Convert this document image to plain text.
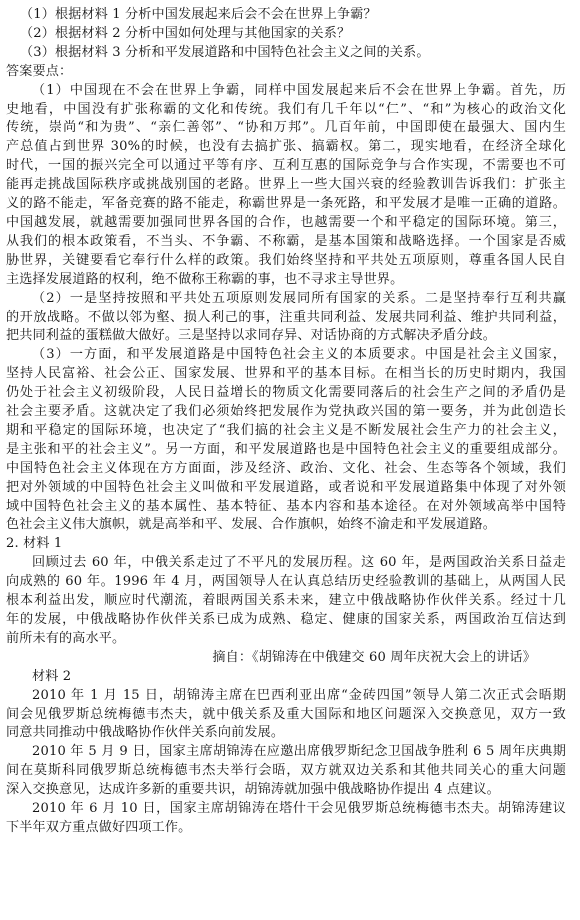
（1）根据材料 1 分析中国发展起来后会不会在世界上争霸？
（2）根据材料 2 分析中国如何处理与其他国家的关系？
（3）根据材料 3 分析和平发展道路和中国特色社会主义之间的关系。
答案要点：
（1）中国现在不会在世界上争霸，同样中国发展起来后不会在世界上争霸。首先，历
史地看，中国没有扩张称霸的文化和传统。我们有几千年以“仁”、“和”为核心的政治文化
传统，崇尚“和为贵”、“亲仁善邻”、“协和万邦”。几百年前，中国即使在最强大、国内生
产总值占到世界 30%的时候，也没有去搞扩张、搞霸权。第二，现实地看，在经济全球化
时代，一国的振兴完全可以通过平等有序、互利互惠的国际竞争与合作实现，不需要也不可
能再走挑战国际秩序或挑战别国的老路。世界上一些大国兴衰的经验教训告诉我们：扩张主
义的路不能走，军备竞赛的路不能走，称霸世界是一条死路，和平发展才是唯一正确的道路。
中国越发展，就越需要加强同世界各国的合作，也越需要一个和平稳定的国际环境。第三，
从我们的根本政策看，不当头、不争霸、不称霸，是基本国策和战略选择。一个国家是否威
胁世界，关键要看它奉行什么样的政策。我们始终坚持和平共处五项原则，尊重各国人民自
主选择发展道路的权利，绝不做称王称霸的事，也不寻求主导世界。
（2）一是坚持按照和平共处五项原则发展同所有国家的关系。二是坚持奉行互利共赢
的开放战略。不做以邻为壑、损人利己的事，注重共同利益、发展共同利益、维护共同利益，
把共同利益的蛋糕做大做好。三是坚持以求同存异、对话协商的方式解决矛盾分歧。
（3）一方面，和平发展道路是中国特色社会主义的本质要求。中国是社会主义国家，
坚持人民富裕、社会公正、国家发展、世界和平的基本目标。在相当长的历史时期内，我国
仍处于社会主义初级阶段，人民日益增长的物质文化需要同落后的社会生产之间的矛盾仍是
社会主要矛盾。这就决定了我们必须始终把发展作为党执政兴国的第一要务，并为此创造长
期和平稳定的国际环境，也决定了“我们搞的社会主义是不断发展社会生产力的社会主义，
是主张和平的社会主义”。另一方面，和平发展道路也是中国特色社会主义的重要组成部分。
中国特色社会主义体现在方方面面，涉及经济、政治、文化、社会、生态等各个领域，我们
把对外领域的中国特色社会主义叫做和平发展道路，或者说和平发展道路集中体现了对外领
域中国特色社会主义的基本属性、基本特征、基本内容和基本途径。在对外领域高举中国特
色社会主义伟大旗帜，就是高举和平、发展、合作旗帜，始终不渝走和平发展道路。
2. 材料 1
回顾过去 60 年，中俄关系走过了不平凡的发展历程。这 60 年，是两国政治关系日益走
向成熟的 60 年。1996 年 4 月，两国领导人在认真总结历史经验教训的基础上，从两国人民
根本利益出发，顺应时代潮流，着眼两国关系未来，建立中俄战略协作伙伴关系。经过十几
年的发展，中俄战略协作伙伴关系已成为成熟、稳定、健康的国家关系，两国政治互信达到
前所未有的高水平。
摘自：《胡锦涛在中俄建交 60 周年庆祝大会上的讲话》
材料 2
2010 年 1 月 15 日，胡锦涛主席在巴西利亚出席“金砖四国”领导人第二次正式会晤期
间会见俄罗斯总统梅德韦杰夫，就中俄关系及重大国际和地区问题深入交换意见，双方一致
同意共同推动中俄战略协作伙伴关系向前发展。
2010 年 5 月 9 日，国家主席胡锦涛在应邀出席俄罗斯纪念卫国战争胜利 6 5 周年庆典期
间在莫斯科同俄罗斯总统梅德韦杰夫举行会晤，双方就双边关系和其他共同关心的重大问题
深入交换意见，达成许多新的重要共识，胡锦涛就加强中俄战略协作提出 4 点建议。
2010 年 6 月 10 日，国家主席胡锦涛在塔什干会见俄罗斯总统梅德韦杰夫。胡锦涛建议
下半年双方重点做好四项工作。
